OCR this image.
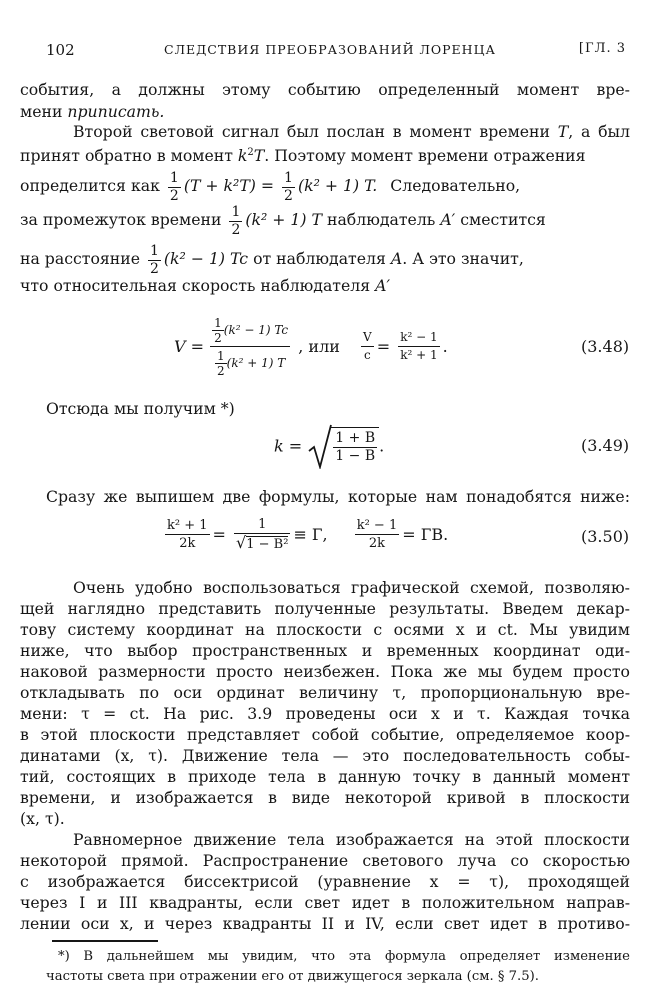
102	СЛЕДСТВИЯ ПРЕОБРАЗОВАНИЙ ЛОРЕНЦА	[ГЛ. 3
события, а должны этому событию определенный момент вре-
мени приписать.
Второй световой сигнал был послан в момент времени T, а был
принят обратно в момент $k^2T$. Поэтому момент времени отражения
определится как $\frac{1}{2} (T + k^2T) = \frac{1}{2} (k^2 + 1)$ T. Следовательно,
за промежуток времени $\frac{1}{2} (k^2 + 1)$ T наблюдатель A′ сместится
на расстояние $\frac{1}{2} (k^2 - 1)$ Tc от наблюдателя A. А это значит,
что относительная скорость наблюдателя A′
$V = \frac{\frac{1}{2} (k^2 - 1) Tc}{\frac{1}{2} (k^2 + 1) T}$ , или $\frac{V}{c} = \frac{\text{k² − 1}}{\text{k² + 1}}$ .	(3.48)
Отсюда мы получим *)
$k = \frac{1 + B}{1 - B}$ .	(3.49)
Сразу же выпишем две формулы, которые нам понадобятся ниже:
$\frac{\text{k² + 1}}{2k} = \frac{1}{\text{√1 − B²}} \equiv Г$, $\frac{\text{k² − 1}}{2k}$ = ГB.	(3.50)
Очень удобно воспользоваться графической схемой, позволяю-
щей наглядно представить полученные результаты. Введем декар-
тову систему координат на плоскости с осями x и ct. Мы увидим
ниже, что выбор пространственных и временных координат оди-
наковой размерности просто неизбежен. Пока же мы будем просто
откладывать по оси ординат величину τ, пропорциональную вре-
мени: τ = ct. На рис. 3.9 проведены оси x и τ. Каждая точка
в этой плоскости представляет собой событие, определяемое коор-
динатами (x, τ). Движение тела — это последовательность собы-
тий, состоящих в приходе тела в данную точку в данный момент
времени, и изображается в виде некоторой кривой в плоскости
(x, τ).
Равномерное движение тела изображается на этой плоскости
некоторой прямой. Распространение светового луча со скоростью
c изображается биссектрисой (уравнение x = τ), проходящей
через I и III квадранты, если свет идет в положительном направ-
лении оси x, и через квадранты II и IV, если свет идет в противо-
*) В дальнейшем мы увидим, что эта формула определяет изменение
частоты света при отражении его от движущегося зеркала (см. § 7.5).
